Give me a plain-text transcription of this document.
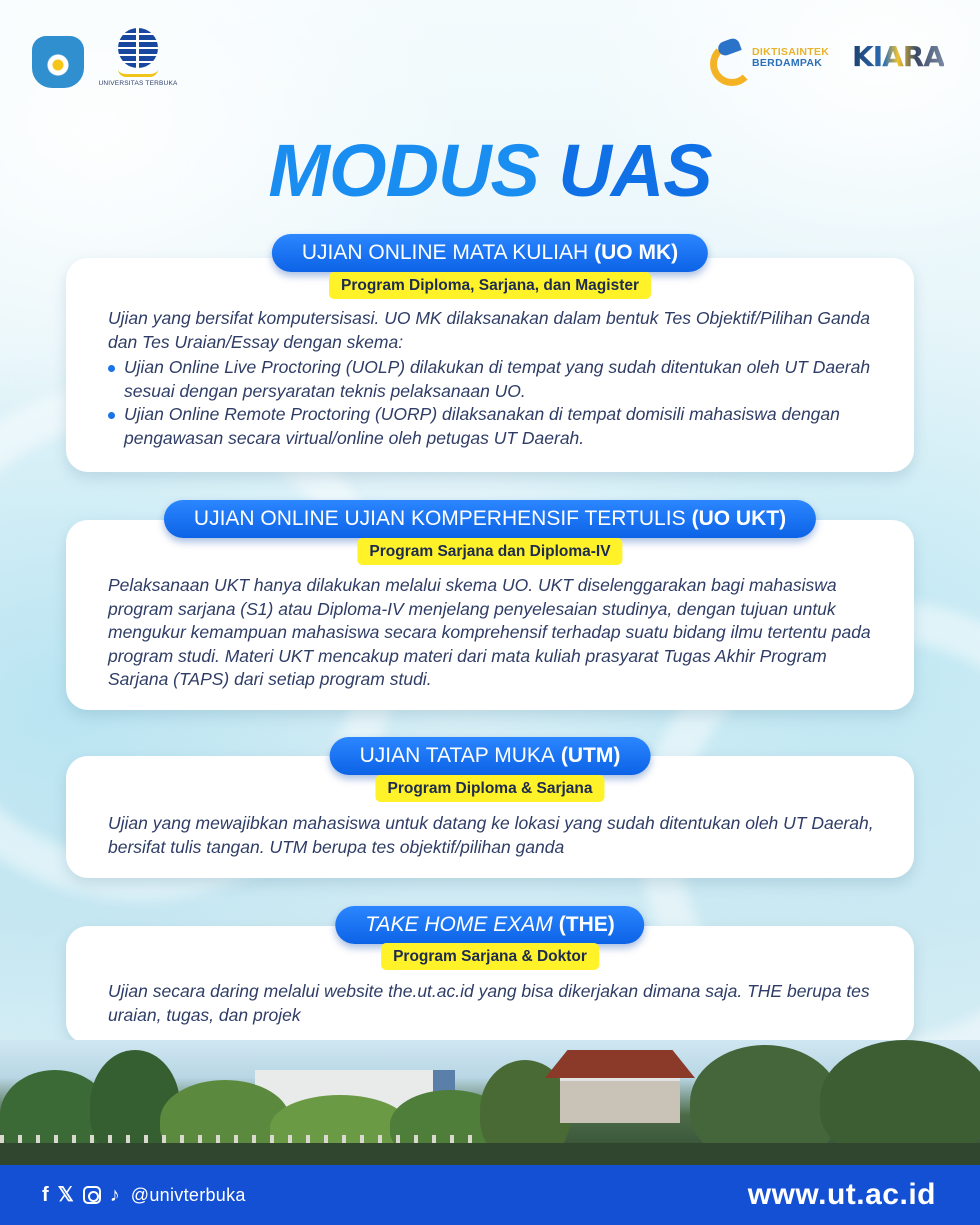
UNIVERSITAS TERBUKA
DIKTISAINTEK
BERDAMPAK KIARA
MODUS UAS
UJIAN ONLINE MATA KULIAH (UO MK)
Program Diploma, Sarjana, dan Magister

Ujian yang bersifat komputersisasi. UO MK dilaksanakan dalam bentuk Tes Objektif/Pilihan Ganda dan Tes Uraian/Essay dengan skema:

Ujian Online Live Proctoring (UOLP) dilakukan di tempat yang sudah ditentukan oleh UT Daerah sesuai dengan persyaratan teknis pelaksanaan UO.
Ujian Online Remote Proctoring (UORP) dilaksanakan di tempat domisili mahasiswa dengan pengawasan secara virtual/online oleh petugas UT Daerah.
UJIAN ONLINE UJIAN KOMPERHENSIF TERTULIS (UO UKT)
Program Sarjana dan Diploma-IV

Pelaksanaan UKT hanya dilakukan melalui skema UO. UKT diselenggarakan bagi mahasiswa program sarjana (S1) atau Diploma-IV menjelang penyelesaian studinya, dengan tujuan untuk mengukur kemampuan mahasiswa secara komprehensif terhadap suatu bidang ilmu tertentu pada program studi. Materi UKT mencakup materi dari mata kuliah prasyarat Tugas Akhir Program Sarjana (TAPS) dari setiap program studi.

UJIAN TATAP MUKA (UTM)
Program Diploma & Sarjana

Ujian yang mewajibkan mahasiswa untuk datang ke lokasi yang sudah ditentukan oleh UT Daerah, bersifat tulis tangan. UTM berupa tes objektif/pilihan ganda

TAKE HOME EXAM (THE)
Program Sarjana & Doktor

Ujian secara daring melalui website the.ut.ac.id yang bisa dikerjakan dimana saja. THE berupa tes uraian, tugas, dan projek

f 𝕏 ♪ @univterbuka	www.ut.ac.id
